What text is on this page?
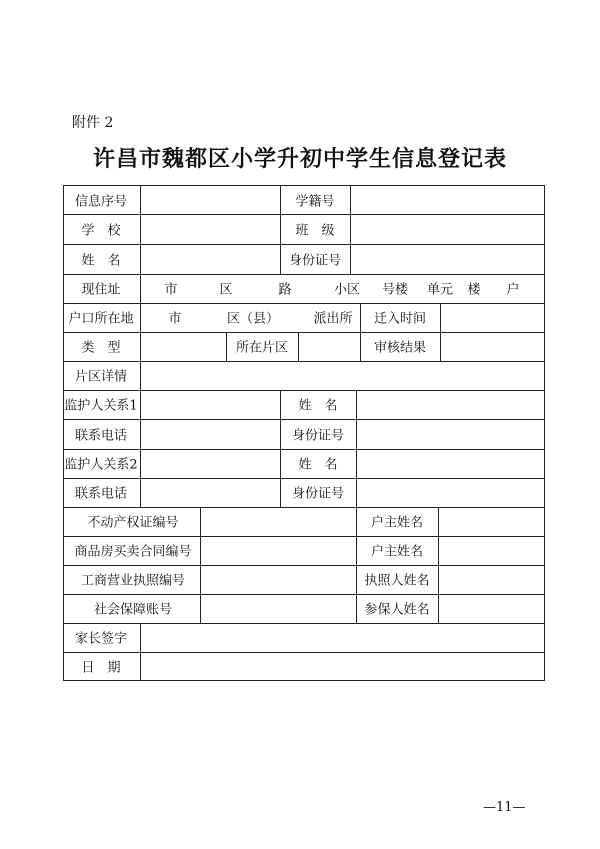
附件 2
许昌市魏都区小学升初中学生信息登记表
信息序号	学籍号
学　校	班　级
姓　名	身份证号
现住址	市	区	路	小区 号楼 单元 楼 户
户口所在地	市	区（县）	派出所 迁入时间
类　型	所在片区	审核结果
片区详情
监护人关系1	姓　名
联系电话	身份证号
监护人关系2	姓　名
联系电话	身份证号
不动产权证编号	户主姓名
商品房买卖合同编号	户主姓名
工商营业执照编号	执照人姓名
社会保障账号	参保人姓名
家长签字
日　期
—11—
